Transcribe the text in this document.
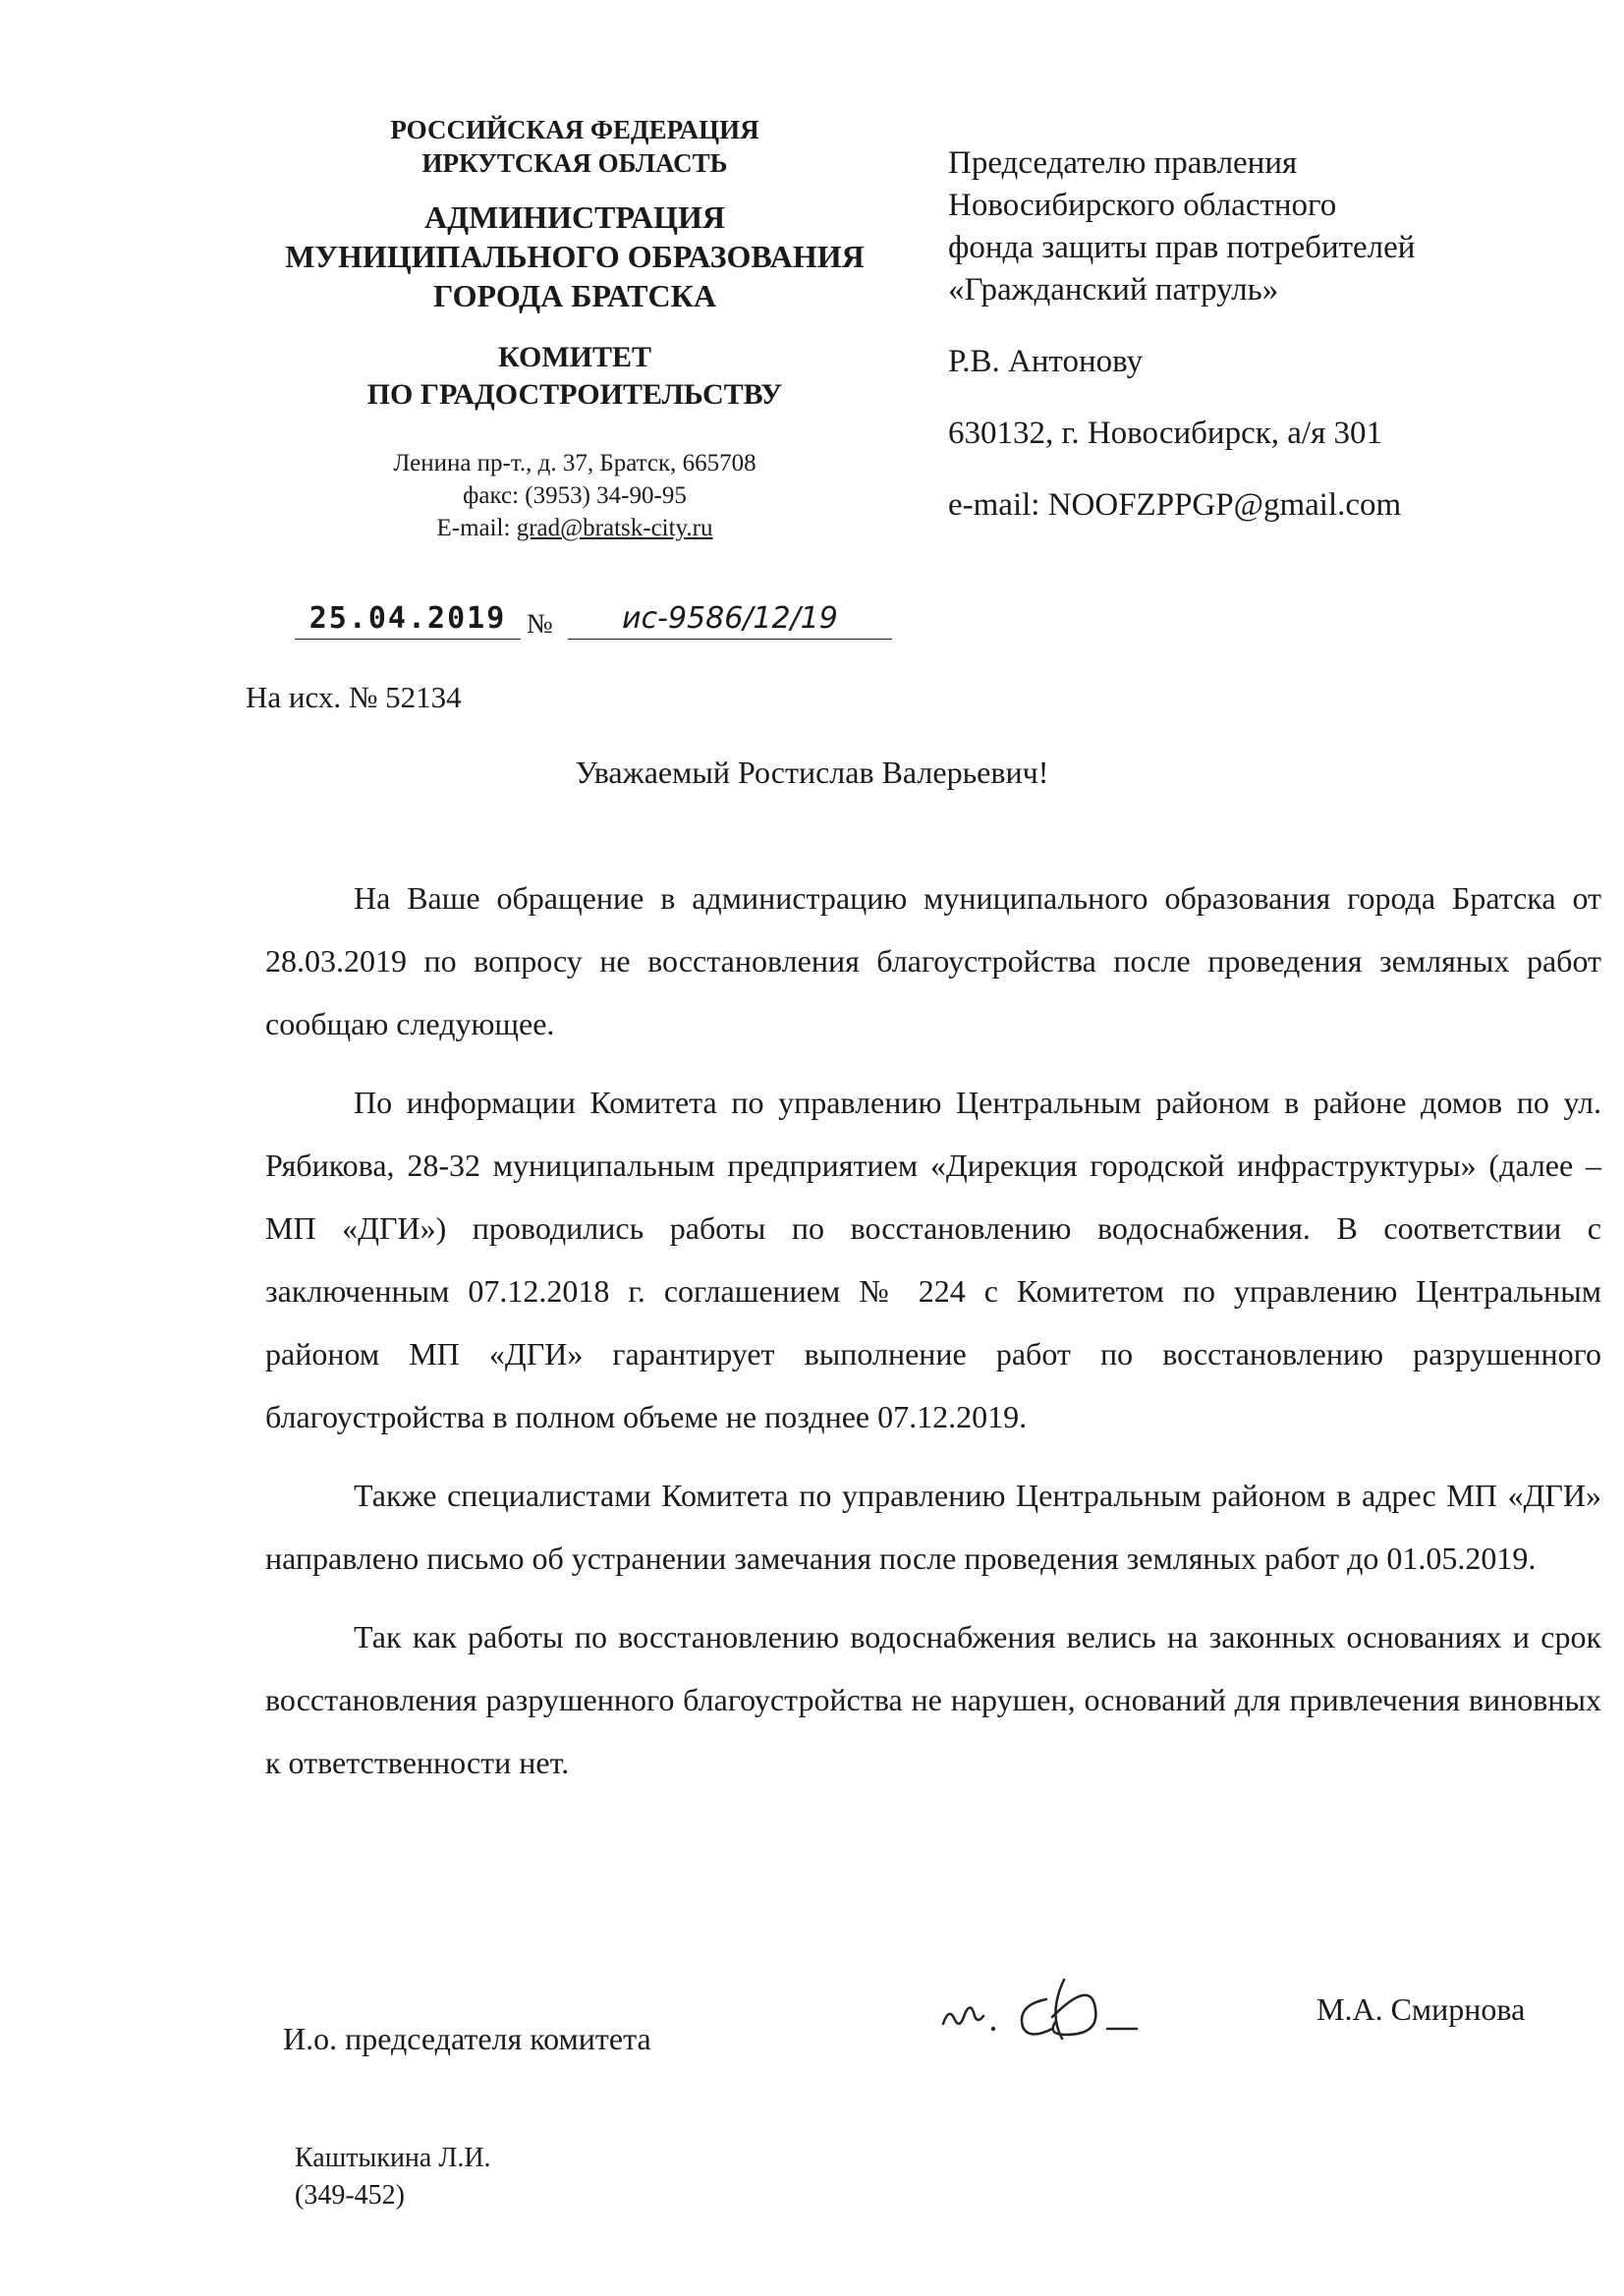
РОССИЙСКАЯ ФЕДЕРАЦИЯ
ИРКУТСКАЯ ОБЛАСТЬ
АДМИНИСТРАЦИЯ
МУНИЦИПАЛЬНОГО ОБРАЗОВАНИЯ
ГОРОДА БРАТСКА
КОМИТЕТ
ПО ГРАДОСТРОИТЕЛЬСТВУ
Ленина пр-т., д. 37, Братск, 665708
факс: (3953) 34-90-95
E-mail: grad@bratsk-city.ru
25.04.2019 №	ис-9586/12/19
На исх. № 52134
Председателю правления
Новосибирского областного
фонда защиты прав потребителей
«Гражданский патруль»
Р.В. Антонову
630132, г. Новосибирск, а/я 301
e-mail: NOOFZPPGP@gmail.com
Уважаемый Ростислав Валерьевич!

На Ваше обращение в администрацию муниципального образования города Братска от 28.03.2019 по вопросу не восстановления благоустройства после проведения земляных работ сообщаю следующее.

По информации Комитета по управлению Центральным районом в районе домов по ул. Рябикова, 28-32 муниципальным предприятием «Дирекция городской инфраструктуры» (далее – МП «ДГИ») проводились работы по восстановлению водоснабжения. В соответствии с заключенным 07.12.2018 г. соглашением № 224 с Комитетом по управлению Центральным районом МП «ДГИ» гарантирует выполнение работ по восстановлению разрушенного благоустройства в полном объеме не позднее 07.12.2019.

Также специалистами Комитета по управлению Центральным районом в адрес МП «ДГИ» направлено письмо об устранении замечания после проведения земляных работ до 01.05.2019.

Так как работы по восстановлению водоснабжения велись на законных основаниях и срок восстановления разрушенного благоустройства не нарушен, оснований для привлечения виновных к ответственности нет.

И.о. председателя комитета
М.А. Смирнова
Каштыкина Л.И.
(349-452)
